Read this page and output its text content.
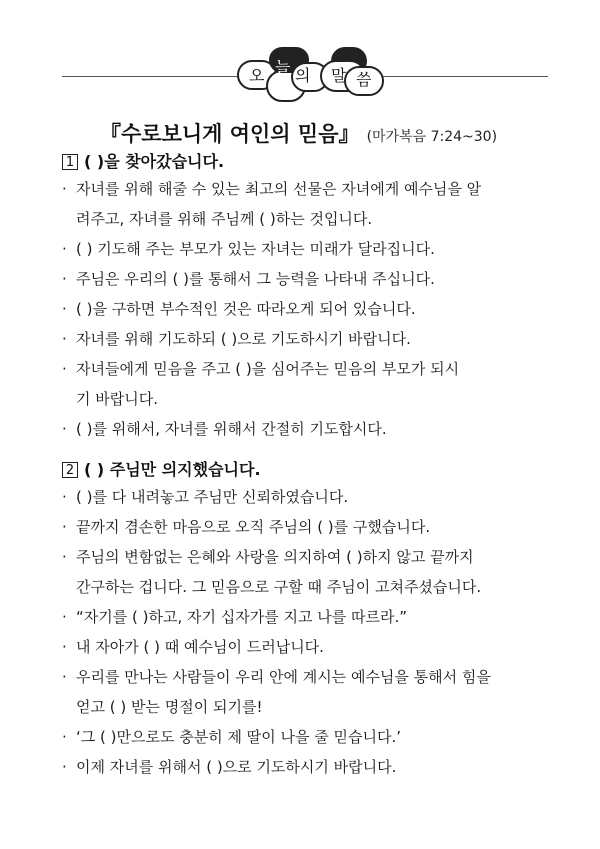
오 늘 의 말 씀
『수로보니게 여인의 믿음』 (마가복음 7:24~30)
1 ( )을 찾아갔습니다.
· 자녀를 위해 해줄 수 있는 최고의 선물은 자녀에게 예수님을 알
려주고, 자녀를 위해 주님께 ( )하는 것입니다.
· ( ) 기도해 주는 부모가 있는 자녀는 미래가 달라집니다.
· 주님은 우리의 ( )를 통해서 그 능력을 나타내 주십니다.
· ( )을 구하면 부수적인 것은 따라오게 되어 있습니다.
· 자녀를 위해 기도하되 ( )으로 기도하시기 바랍니다.
· 자녀들에게 믿음을 주고 ( )을 심어주는 믿음의 부모가 되시
기 바랍니다.
· ( )를 위해서, 자녀를 위해서 간절히 기도합시다.
2 ( ) 주님만 의지했습니다.
· ( )를 다 내려놓고 주님만 신뢰하였습니다.
· 끝까지 겸손한 마음으로 오직 주님의 ( )를 구했습니다.
· 주님의 변함없는 은혜와 사랑을 의지하여 ( )하지 않고 끝까지
간구하는 겁니다. 그 믿음으로 구할 때 주님이 고쳐주셨습니다.
· “자기를 ( )하고, 자기 십자가를 지고 나를 따르라.”
· 내 자아가 ( ) 때 예수님이 드러납니다.
· 우리를 만나는 사람들이 우리 안에 계시는 예수님을 통해서 힘을
얻고 ( ) 받는 명절이 되기를!
· ‘그 ( )만으로도 충분히 제 딸이 나을 줄 믿습니다.’
· 이제 자녀를 위해서 ( )으로 기도하시기 바랍니다.
